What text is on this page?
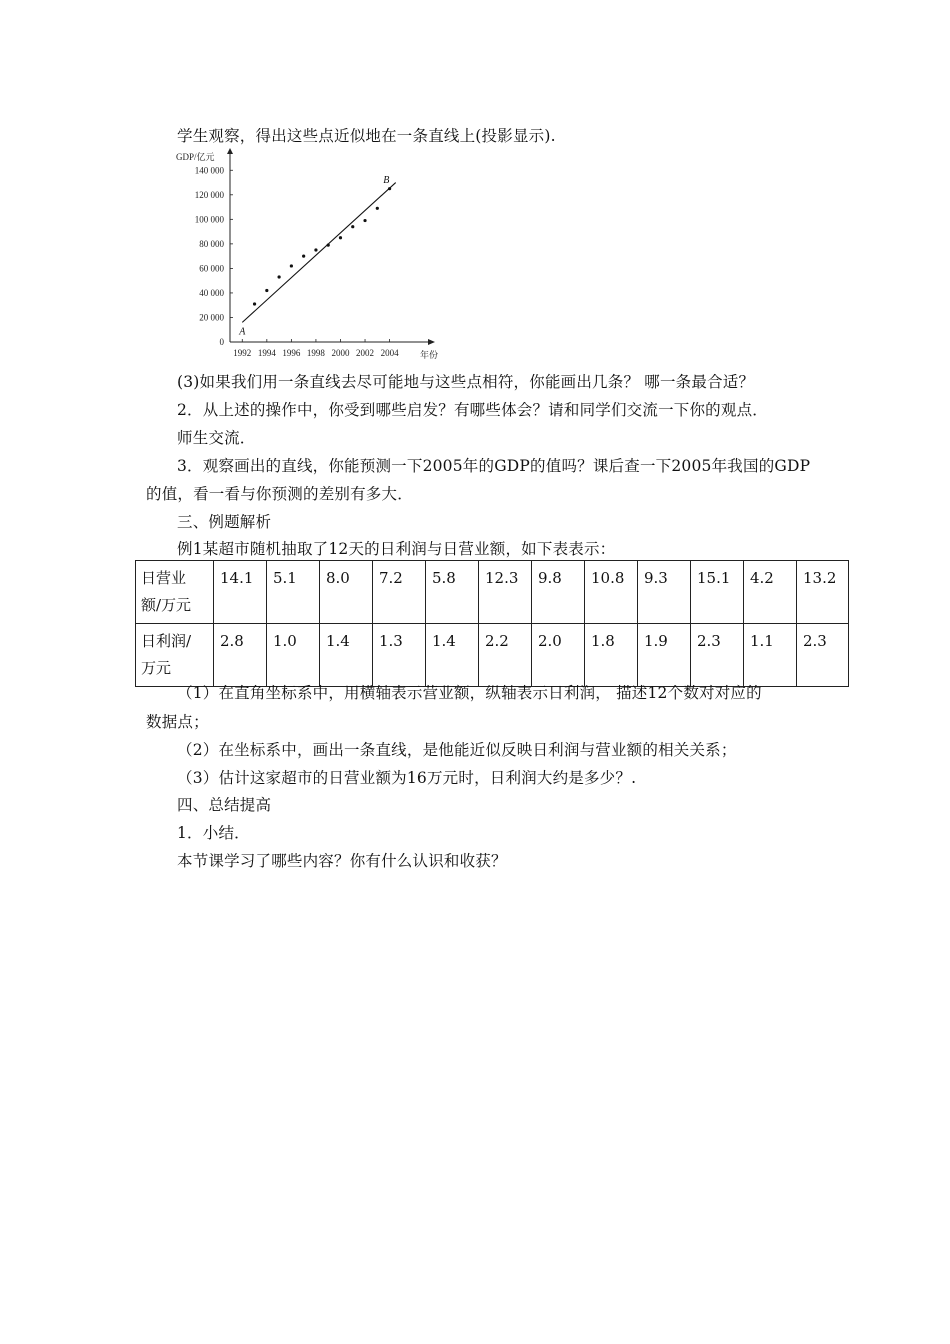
学生观察，得出这些点近似地在一条直线上(投影显示).
GDP/亿元
年份
0
20 000
40 000
60 000
80 000
100 000
120 000
140 000
1992 1994 1996 1998 2000 2002 2004
A
B
(3)如果我们用一条直线去尽可能地与这些点相符，你能画出几条？ 哪一条最合适？
2．从上述的操作中，你受到哪些启发？有哪些体会？请和同学们交流一下你的观点．
师生交流．
3．观察画出的直线，你能预测一下2005年的GDP的值吗？课后查一下2005年我国的GDP
的值，看一看与你预测的差别有多大．
三、例题解析
例1某超市随机抽取了12天的日利润与日营业额，如下表表示：
日营业
额/万元	14.1	5.1	8.0	7.2	5.8	12.3	9.8	10.8	9.3	15.1	4.2	13.2

日利润/
万元	2.8	1.0	1.4	1.3	1.4	2.2	2.0	1.8	1.9	2.3	1.1	2.3
（1）在直角坐标系中，用横轴表示营业额，纵轴表示日利润， 描述12个数对对应的
数据点；
（2）在坐标系中，画出一条直线，是他能近似反映日利润与营业额的相关关系；
（3）估计这家超市的日营业额为16万元时，日利润大约是多少？.
四、总结提高
1．小结．
本节课学习了哪些内容？你有什么认识和收获？
